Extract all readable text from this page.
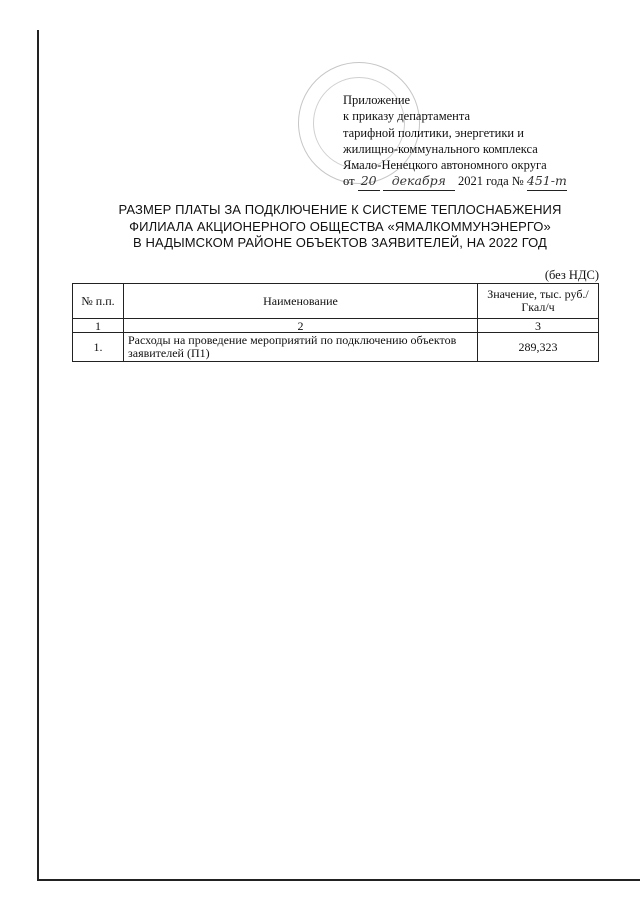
Приложение
к приказу департамента
тарифной политики, энергетики и
жилищно-коммунального комплекса
Ямало-Ненецкого автономного округа
от 20 декабря 2021 года № 451-т
РАЗМЕР ПЛАТЫ ЗА ПОДКЛЮЧЕНИЕ К СИСТЕМЕ ТЕПЛОСНАБЖЕНИЯ
ФИЛИАЛА АКЦИОНЕРНОГО ОБЩЕСТВА «ЯМАЛКОММУНЭНЕРГО»
В НАДЫМСКОМ РАЙОНЕ ОБЪЕКТОВ ЗАЯВИТЕЛЕЙ, НА 2022 ГОД
(без НДС)
№ п.п.	Наименование	Значение, тыс. руб./Гкал/ч
1	2	3
1.	Расходы на проведение мероприятий по подключению объектов заявителей (П1)	289,323
